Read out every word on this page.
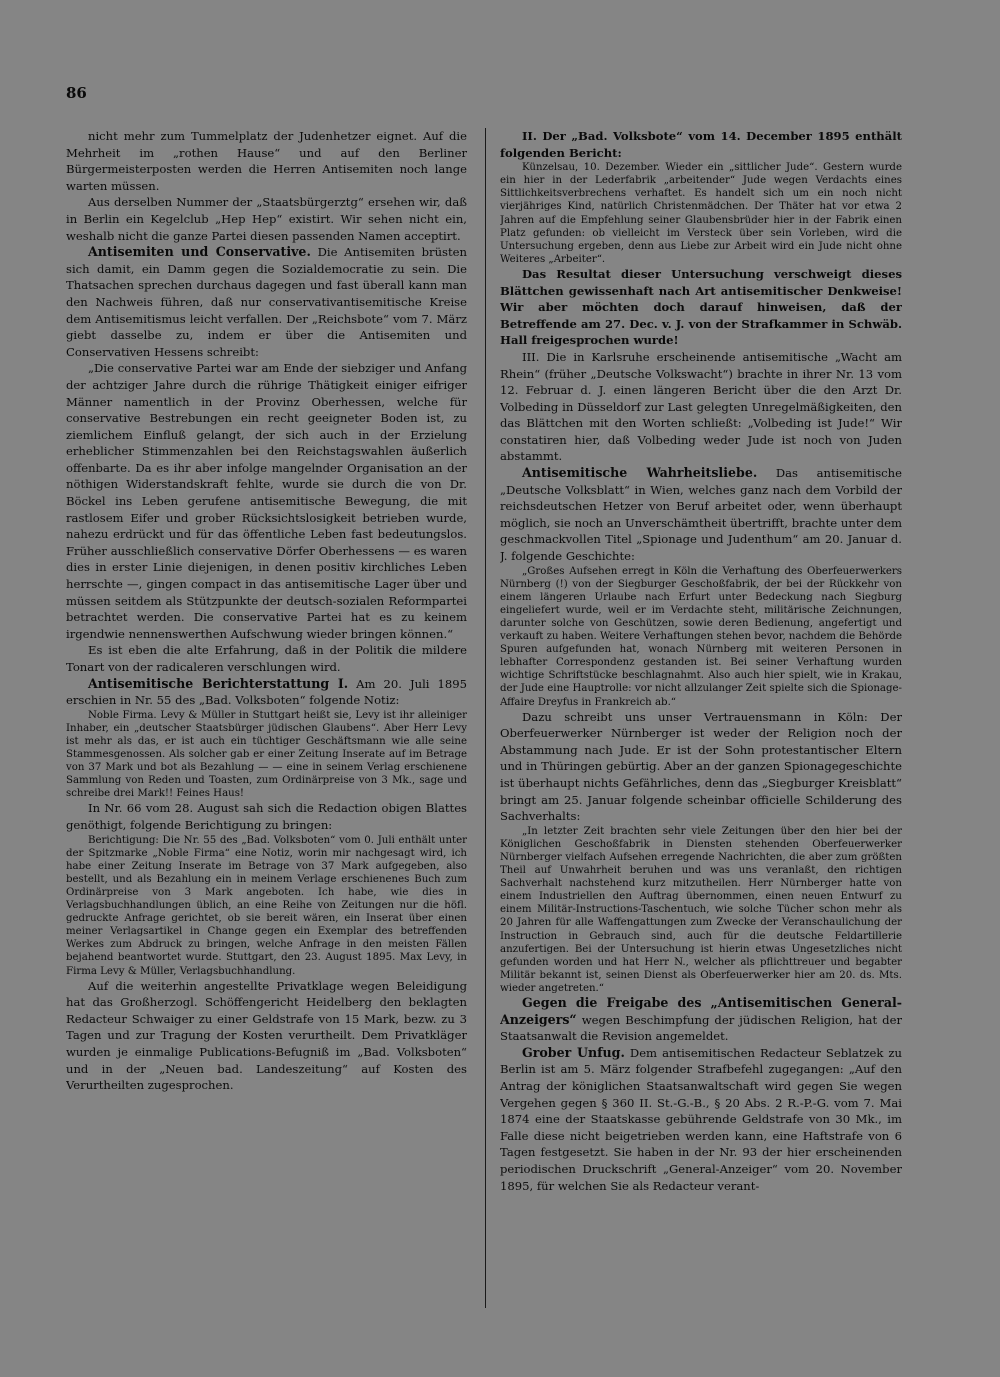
86

nicht mehr zum Tummelplatz der Judenhetzer eignet. Auf die Mehrheit im „rothen Hause“ und auf den Berliner Bürgermeisterposten werden die Herren Antisemiten noch lange warten müssen.

Aus derselben Nummer der „Staatsbürgerztg“ ersehen wir, daß in Berlin ein Kegelclub „Hep Hep“ existirt. Wir sehen nicht ein, weshalb nicht die ganze Partei diesen passenden Namen acceptirt.

Antisemiten und Conservative. Die Antisemiten brüsten sich damit, ein Damm gegen die Sozialdemocratie zu sein. Die Thatsachen sprechen durchaus dagegen und fast überall kann man den Nachweis führen, daß nur conservativantisemitische Kreise dem Antisemitismus leicht verfallen. Der „Reichsbote“ vom 7. März giebt dasselbe zu, indem er über die Antisemiten und Conservativen Hessens schreibt:

„Die conservative Partei war am Ende der siebziger und Anfang der achtziger Jahre durch die rührige Thätigkeit einiger eifriger Männer namentlich in der Provinz Oberhessen, welche für conservative Bestrebungen ein recht geeigneter Boden ist, zu ziemlichem Einfluß gelangt, der sich auch in der Erzielung erheblicher Stimmenzahlen bei den Reichstagswahlen äußerlich offenbarte. Da es ihr aber infolge mangelnder Organisation an der nöthigen Widerstandskraft fehlte, wurde sie durch die von Dr. Böckel ins Leben gerufene antisemitische Bewegung, die mit rastlosem Eifer und grober Rücksichtslosigkeit betrieben wurde, nahezu erdrückt und für das öffentliche Leben fast bedeutungslos. Früher ausschließlich conservative Dörfer Oberhessens — es waren dies in erster Linie diejenigen, in denen positiv kirchliches Leben herrschte —, gingen compact in das antisemitische Lager über und müssen seitdem als Stützpunkte der deutsch-sozialen Reformpartei betrachtet werden. Die conservative Partei hat es zu keinem irgendwie nennenswerthen Aufschwung wieder bringen können.“

Es ist eben die alte Erfahrung, daß in der Politik die mildere Tonart von der radicaleren verschlungen wird.

Antisemitische Berichterstattung I. Am 20. Juli 1895 erschien in Nr. 55 des „Bad. Volksboten“ folgende Notiz:

Noble Firma. Levy & Müller in Stuttgart heißt sie, Levy ist ihr alleiniger Inhaber, ein „deutscher Staatsbürger jüdischen Glaubens“. Aber Herr Levy ist mehr als das, er ist auch ein tüchtiger Geschäftsmann wie alle seine Stammesgenossen. Als solcher gab er einer Zeitung Inserate auf im Betrage von 37 Mark und bot als Bezahlung — — eine in seinem Verlag erschienene Sammlung von Reden und Toasten, zum Ordinärpreise von 3 Mk., sage und schreibe drei Mark!! Feines Haus!

In Nr. 66 vom 28. August sah sich die Redaction obigen Blattes genöthigt, folgende Berichtigung zu bringen:

Berichtigung: Die Nr. 55 des „Bad. Volksboten“ vom 0. Juli enthält unter der Spitzmarke „Noble Firma“ eine Notiz, worin mir nachgesagt wird, ich habe einer Zeitung Inserate im Betrage von 37 Mark aufgegeben, also bestellt, und als Bezahlung ein in meinem Verlage erschienenes Buch zum Ordinärpreise von 3 Mark angeboten. Ich habe, wie dies in Verlagsbuchhandlungen üblich, an eine Reihe von Zeitungen nur die höfl. gedruckte Anfrage gerichtet, ob sie bereit wären, ein Inserat über einen meiner Verlagsartikel in Change gegen ein Exemplar des betreffenden Werkes zum Abdruck zu bringen, welche Anfrage in den meisten Fällen bejahend beantwortet wurde. Stuttgart, den 23. August 1895. Max Levy, in Firma Levy & Müller, Verlagsbuchhandlung.

Auf die weiterhin angestellte Privatklage wegen Beleidigung hat das Großherzogl. Schöffengericht Heidelberg den beklagten Redacteur Schwaiger zu einer Geldstrafe von 15 Mark, bezw. zu 3 Tagen und zur Tragung der Kosten verurtheilt. Dem Privatkläger wurden je einmalige Publications-Befugniß im „Bad. Volksboten“ und in der „Neuen bad. Landeszeitung“ auf Kosten des Verurtheilten zugesprochen.

II. Der „Bad. Volksbote“ vom 14. December 1895 enthält folgenden Bericht:

Künzelsau, 10. Dezember. Wieder ein „sittlicher Jude“. Gestern wurde ein hier in der Lederfabrik „arbeitender“ Jude wegen Verdachts eines Sittlichkeitsverbrechens verhaftet. Es handelt sich um ein noch nicht vierjähriges Kind, natürlich Christenmädchen. Der Thäter hat vor etwa 2 Jahren auf die Empfehlung seiner Glaubensbrüder hier in der Fabrik einen Platz gefunden: ob vielleicht im Versteck über sein Vorleben, wird die Untersuchung ergeben, denn aus Liebe zur Arbeit wird ein Jude nicht ohne Weiteres „Arbeiter“.

Das Resultat dieser Untersuchung verschweigt dieses Blättchen gewissenhaft nach Art antisemitischer Denkweise! Wir aber möchten doch darauf hinweisen, daß der Betreffende am 27. Dec. v. J. von der Strafkammer in Schwäb. Hall freigesprochen wurde!

III. Die in Karlsruhe erscheinende antisemitische „Wacht am Rhein“ (früher „Deutsche Volkswacht“) brachte in ihrer Nr. 13 vom 12. Februar d. J. einen längeren Bericht über die den Arzt Dr. Volbeding in Düsseldorf zur Last gelegten Unregelmäßigkeiten, den das Blättchen mit den Worten schließt: „Volbeding ist Jude!“ Wir constatiren hier, daß Volbeding weder Jude ist noch von Juden abstammt.

Antisemitische Wahrheitsliebe. Das antisemitische „Deutsche Volksblatt“ in Wien, welches ganz nach dem Vorbild der reichsdeutschen Hetzer von Beruf arbeitet oder, wenn überhaupt möglich, sie noch an Unverschämtheit übertrifft, brachte unter dem geschmackvollen Titel „Spionage und Judenthum“ am 20. Januar d. J. folgende Geschichte:

„Großes Aufsehen erregt in Köln die Verhaftung des Oberfeuerwerkers Nürnberg (!) von der Siegburger Geschoßfabrik, der bei der Rückkehr von einem längeren Urlaube nach Erfurt unter Bedeckung nach Siegburg eingeliefert wurde, weil er im Verdachte steht, militärische Zeichnungen, darunter solche von Geschützen, sowie deren Bedienung, angefertigt und verkauft zu haben. Weitere Verhaftungen stehen bevor, nachdem die Behörde Spuren aufgefunden hat, wonach Nürnberg mit weiteren Personen in lebhafter Correspondenz gestanden ist. Bei seiner Verhaftung wurden wichtige Schriftstücke beschlagnahmt. Also auch hier spielt, wie in Krakau, der Jude eine Hauptrolle: vor nicht allzulanger Zeit spielte sich die Spionage-Affaire Dreyfus in Frankreich ab.“

Dazu schreibt uns unser Vertrauensmann in Köln: Der Oberfeuerwerker Nürnberger ist weder der Religion noch der Abstammung nach Jude. Er ist der Sohn protestantischer Eltern und in Thüringen gebürtig. Aber an der ganzen Spionagegeschichte ist überhaupt nichts Gefährliches, denn das „Siegburger Kreisblatt“ bringt am 25. Januar folgende scheinbar officielle Schilderung des Sachverhalts:

„In letzter Zeit brachten sehr viele Zeitungen über den hier bei der Königlichen Geschoßfabrik in Diensten stehenden Oberfeuerwerker Nürnberger vielfach Aufsehen erregende Nachrichten, die aber zum größten Theil auf Unwahrheit beruhen und was uns veranlaßt, den richtigen Sachverhalt nachstehend kurz mitzutheilen. Herr Nürnberger hatte von einem Industriellen den Auftrag übernommen, einen neuen Entwurf zu einem Militär-Instructions-Taschentuch, wie solche Tücher schon mehr als 20 Jahren für alle Waffengattungen zum Zwecke der Veranschaulichung der Instruction in Gebrauch sind, auch für die deutsche Feldartillerie anzufertigen. Bei der Untersuchung ist hierin etwas Ungesetzliches nicht gefunden worden und hat Herr N., welcher als pflichttreuer und begabter Militär bekannt ist, seinen Dienst als Oberfeuerwerker hier am 20. ds. Mts. wieder angetreten.“

Gegen die Freigabe des „Antisemitischen General-Anzeigers“ wegen Beschimpfung der jüdischen Religion, hat der Staatsanwalt die Revision angemeldet.

Grober Unfug. Dem antisemitischen Redacteur Seblatzek zu Berlin ist am 5. März folgender Strafbefehl zugegangen: „Auf den Antrag der königlichen Staatsanwaltschaft wird gegen Sie wegen Vergehen gegen § 360 II. St.-G.-B., § 20 Abs. 2 R.-P.-G. vom 7. Mai 1874 eine der Staatskasse gebührende Geldstrafe von 30 Mk., im Falle diese nicht beigetrieben werden kann, eine Haftstrafe von 6 Tagen festgesetzt. Sie haben in der Nr. 93 der hier erscheinenden periodischen Druckschrift „General-Anzeiger“ vom 20. November 1895, für welchen Sie als Redacteur verant-
